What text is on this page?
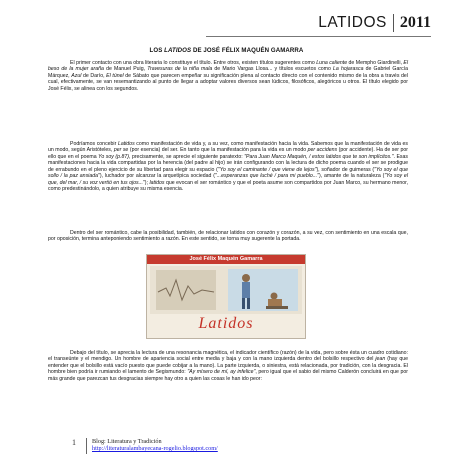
LATIDOS 2011
LOS LATIDOS DE JOSÉ FÉLIX MAQUÉN GAMARRA
El primer contacto con una obra literaria lo constituye el título. Entre otros, existen títulos sugerentes como Luna caliente de Mempho Giardinelli, El beso de la mujer araña de Manuel Puig, Travesuras de la niña mala de Mario Vargas Llosa... y títulos escuetos como La hojarasca de Gabriel García Márquez, Azul de Darío, El túnel de Sábato que parecen empeñar su significación plena al contacto directo con el contenido mismo de la obra a través del cual, efectivamente, se van resemantizando al punto de llegar a adoptar valores diversos sean lúdicos, filosóficos, alegóricos u otros. El título elegido por José Félix, se alinea con los segundos.
Podríamos concebir Latidos como manifestación de vida y, a su vez, como manifestación hacia la vida. Sabemos que la manifestación de vida es un modo, según Aristóteles, per se (por esencia) del ser. En tanto que la manifestación para la vida es un modo per accidens (por accidente). Ha de ser por ello que en el poema Yo soy (p.87), precisamente, se aprecie el siguiente paratexto: "Para Juan Marco Maquén, / estos latidos que te son implícitos.". Esas manifestaciones hacia la vida compartidas por la herencia (del padre al hijo) se irán configurando con la lectura de dicho poema cuando el ser se prodigue de errabundo en el pleno ejercicio de su libertad para elegir su espacio ("Yo soy el caminante / que viene de lejos"), soñador de guimeras ("Yo soy el que sollo / la paz ansiada"), luchador por alcanzar la arquetípica sociedad ("...esperanzas que luché / para mi pueblo..."), amante de la naturaleza ("Yo soy el que, del mar, / su voz vertió en tus ojos..."); latidos que evocan el ser romántico y que el poeta asume son compartidos por Juan Marco, su hermano menor, como predestinándolo, a quien atribuye su misma esencia.
Dentro del ser romántico, cabe la posibilidad, también, de relacionar latidos con corazón y corazón, a su vez, con sentimiento en una escala que, por oposición, termina anteponiendo sentimiento a razón. En este sentido, se torna muy sugerente la portada.
José Félix Maquén Gamarra
Latidos
Debajo del título, se aprecia la lectura de una resonancia magnética, el indicador científico (razón) de la vida, pero sobre ésta un cuadro cotidiano: el transeúnte y el mendigo. Un hombre de apariencia social entre media y baja y con la mano izquierda dentro del bolsillo respectivo del jean (hay que entender que el bolsillo está vacío puesto que puede cobijar a la mano). La parte izquierda, o siniestra, está relacionada, por tradición, con la desgracia. El hombre bien podría ir rumiando el lamento de Segismundo: "Ay mísero de mí, ay infelice", pero igual que el sabio del mismo Calderón concluirá en que por más grande que parezcan tus desgracias siempre hay otro a quien las cosas le han ido peor:
1	Blog: Literatura y Tradición
http://literaturalambayecana-rogelio.blogspot.com/
